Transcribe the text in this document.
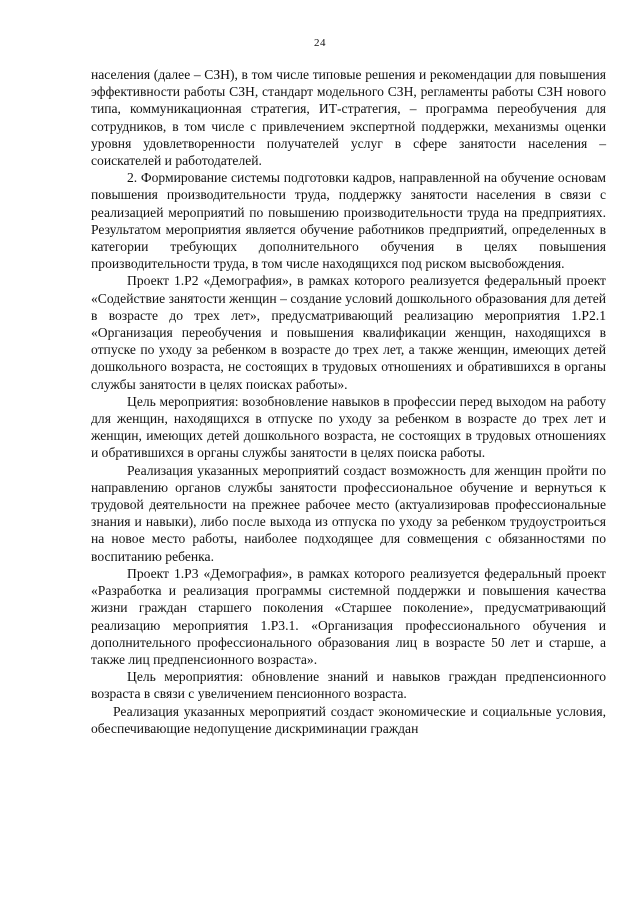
24

населения (далее – СЗН), в том числе типовые решения и рекомендации для повышения эффективности работы СЗН, стандарт модельного СЗН, регламенты работы СЗН нового типа, коммуникационная стратегия, ИТ-стратегия, – программа переобучения для сотрудников, в том числе с привлечением экспертной поддержки, механизмы оценки уровня удовлетворенности получателей услуг в сфере занятости населения – соискателей и работодателей.

2. Формирование системы подготовки кадров, направленной на обучение основам повышения производительности труда, поддержку занятости населения в связи с реализацией мероприятий по повышению производительности труда на предприятиях. Результатом мероприятия является обучение работников предприятий, определенных в категории требующих дополнительного обучения в целях повышения производительности труда, в том числе находящихся под риском высвобождения.

Проект 1.Р2 «Демография», в рамках которого реализуется федеральный проект «Содействие занятости женщин – создание условий дошкольного образования для детей в возрасте до трех лет», предусматривающий реализацию мероприятия 1.Р2.1 «Организация переобучения и повышения квалификации женщин, находящихся в отпуске по уходу за ребенком в возрасте до трех лет, а также женщин, имеющих детей дошкольного возраста, не состоящих в трудовых отношениях и обратившихся в органы службы занятости в целях поисках работы».

Цель мероприятия: возобновление навыков в профессии перед выходом на работу для женщин, находящихся в отпуске по уходу за ребенком в возрасте до трех лет и женщин, имеющих детей дошкольного возраста, не состоящих в трудовых отношениях и обратившихся в органы службы занятости в целях поиска работы.

Реализация указанных мероприятий создаст возможность для женщин пройти по направлению органов службы занятости профессиональное обучение и вернуться к трудовой деятельности на прежнее рабочее место (актуализировав профессиональные знания и навыки), либо после выхода из отпуска по уходу за ребенком трудоустроиться на новое место работы, наиболее подходящее для совмещения с обязанностями по воспитанию ребенка.

Проект 1.Р3 «Демография», в рамках которого реализуется федеральный проект «Разработка и реализация программы системной поддержки и повышения качества жизни граждан старшего поколения «Старшее поколение», предусматривающий реализацию мероприятия 1.Р3.1. «Организация профессионального обучения и дополнительного профессионального образования лиц в возрасте 50 лет и старше, а также лиц предпенсионного возраста».

Цель мероприятия: обновление знаний и навыков граждан предпенсионного возраста в связи с увеличением пенсионного возраста.

Реализация указанных мероприятий создаст экономические и социальные условия, обеспечивающие недопущение дискриминации граждан
